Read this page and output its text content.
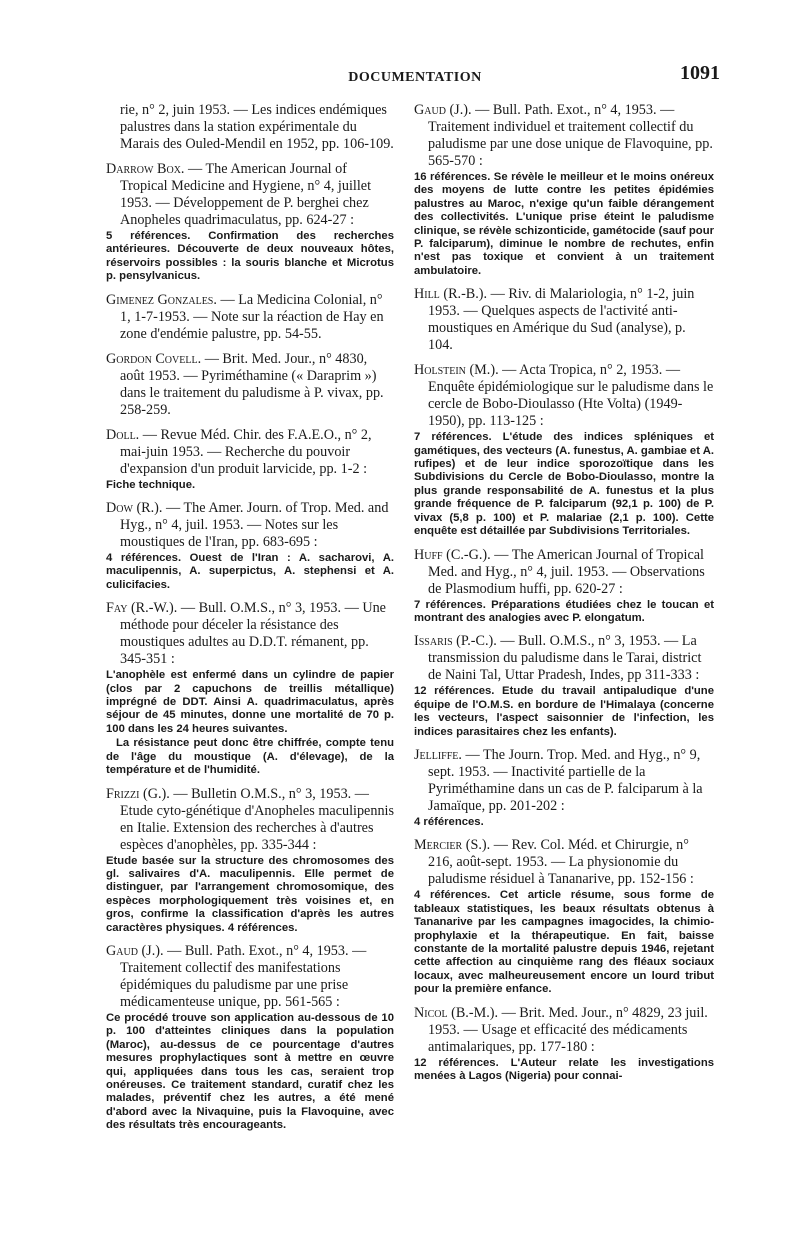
DOCUMENTATION	1091

rie, n° 2, juin 1953. — Les indices endémiques palustres dans la station expérimentale du Marais des Ouled-Mendil en 1952, pp. 106-109.

Darrow Box. — The American Journal of Tropical Medicine and Hygiene, n° 4, juillet 1953. — Développement de P. berghei chez Anopheles quadrimaculatus, pp. 624-27 :

5 références. Confirmation des recherches antérieures. Découverte de deux nouveaux hôtes, réservoirs possibles : la souris blanche et Microtus p. pensylvanicus.

Gimenez Gonzales. — La Medicina Colonial, n° 1, 1-7-1953. — Note sur la réaction de Hay en zone d'endémie palustre, pp. 54-55.

Gordon Covell. — Brit. Med. Jour., n° 4830, août 1953. — Pyriméthamine (« Daraprim ») dans le traitement du paludisme à P. vivax, pp. 258-259.

Doll. — Revue Méd. Chir. des F.A.E.O., n° 2, mai-juin 1953. — Recherche du pouvoir d'expansion d'un produit larvicide, pp. 1-2 :

Fiche technique.

Dow (R.). — The Amer. Journ. of Trop. Med. and Hyg., n° 4, juil. 1953. — Notes sur les moustiques de l'Iran, pp. 683-695 :

4 références. Ouest de l'Iran : A. sacharovi, A. maculipennis, A. superpictus, A. stephensi et A. culicifacies.

Fay (R.-W.). — Bull. O.M.S., n° 3, 1953. — Une méthode pour déceler la résistance des moustiques adultes au D.D.T. rémanent, pp. 345-351 :

L'anophèle est enfermé dans un cylindre de papier (clos par 2 capuchons de treillis métallique) imprégné de DDT. Ainsi A. quadrimaculatus, après séjour de 45 minutes, donne une mortalité de 70 p. 100 dans les 24 heures suivantes.

La résistance peut donc être chiffrée, compte tenu de l'âge du moustique (A. d'élevage), de la température et de l'humidité.

Frizzi (G.). — Bulletin O.M.S., n° 3, 1953. — Etude cyto-génétique d'Anopheles maculipennis en Italie. Extension des recherches à d'autres espèces d'anophèles, pp. 335-344 :

Etude basée sur la structure des chromosomes des gl. salivaires d'A. maculipennis. Elle permet de distinguer, par l'arrangement chromosomique, des espèces morphologiquement très voisines et, en gros, confirme la classification d'après les autres caractères physiques. 4 références.

Gaud (J.). — Bull. Path. Exot., n° 4, 1953. — Traitement collectif des manifestations épidémiques du paludisme par une prise médicamenteuse unique, pp. 561-565 :

Ce procédé trouve son application au-dessous de 10 p. 100 d'atteintes cliniques dans la population (Maroc), au-dessus de ce pourcentage d'autres mesures prophylactiques sont à mettre en œuvre qui, appliquées dans tous les cas, seraient trop onéreuses. Ce traitement standard, curatif chez les malades, préventif chez les autres, a été mené d'abord avec la Nivaquine, puis la Flavoquine, avec des résultats très encourageants.

Gaud (J.). — Bull. Path. Exot., n° 4, 1953. — Traitement individuel et traitement collectif du paludisme par une dose unique de Flavoquine, pp. 565-570 :

16 références. Se révèle le meilleur et le moins onéreux des moyens de lutte contre les petites épidémies palustres au Maroc, n'exige qu'un faible dérangement des collectivités. L'unique prise éteint le paludisme clinique, se révèle schizonticide, gamétocide (sauf pour P. falciparum), diminue le nombre de rechutes, enfin n'est pas toxique et convient à un traitement ambulatoire.

Hill (R.-B.). — Riv. di Malariologia, n° 1-2, juin 1953. — Quelques aspects de l'activité anti-moustiques en Amérique du Sud (analyse), p. 104.

Holstein (M.). — Acta Tropica, n° 2, 1953. — Enquête épidémiologique sur le paludisme dans le cercle de Bobo-Dioulasso (Hte Volta) (1949-1950), pp. 113-125 :

7 références. L'étude des indices spléniques et gamétiques, des vecteurs (A. funestus, A. gambiae et A. rufipes) et de leur indice sporozoïtique dans les Subdivisions du Cercle de Bobo-Dioulasso, montre la plus grande responsabilité de A. funestus et la plus grande fréquence de P. falciparum (92,1 p. 100) de P. vivax (5,8 p. 100) et P. malariae (2,1 p. 100). Cette enquête est détaillée par Subdivisions Territoriales.

Huff (C.-G.). — The American Journal of Tropical Med. and Hyg., n° 4, juil. 1953. — Observations de Plasmodium huffi, pp. 620-27 :

7 références. Préparations étudiées chez le toucan et montrant des analogies avec P. elongatum.

Issaris (P.-C.). — Bull. O.M.S., n° 3, 1953. — La transmission du paludisme dans le Tarai, district de Naini Tal, Uttar Pradesh, Indes, pp 311-333 :

12 références. Etude du travail antipaludique d'une équipe de l'O.M.S. en bordure de l'Himalaya (concerne les vecteurs, l'aspect saisonnier de l'infection, les indices parasitaires chez les enfants).

Jelliffe. — The Journ. Trop. Med. and Hyg., n° 9, sept. 1953. — Inactivité partielle de la Pyriméthamine dans un cas de P. falciparum à la Jamaïque, pp. 201-202 :

4 références.

Mercier (S.). — Rev. Col. Méd. et Chirurgie, n° 216, août-sept. 1953. — La physionomie du paludisme résiduel à Tananarive, pp. 152-156 :

4 références. Cet article résume, sous forme de tableaux statistiques, les beaux résultats obtenus à Tananarive par les campagnes imagocides, la chimio-prophylaxie et la thérapeutique. En fait, baisse constante de la mortalité palustre depuis 1946, rejetant cette affection au cinquième rang des fléaux sociaux locaux, avec malheureusement encore un lourd tribut pour la première enfance.

Nicol (B.-M.). — Brit. Med. Jour., n° 4829, 23 juil. 1953. — Usage et efficacité des médicaments antimalariques, pp. 177-180 :

12 références. L'Auteur relate les investigations menées à Lagos (Nigeria) pour connai-
